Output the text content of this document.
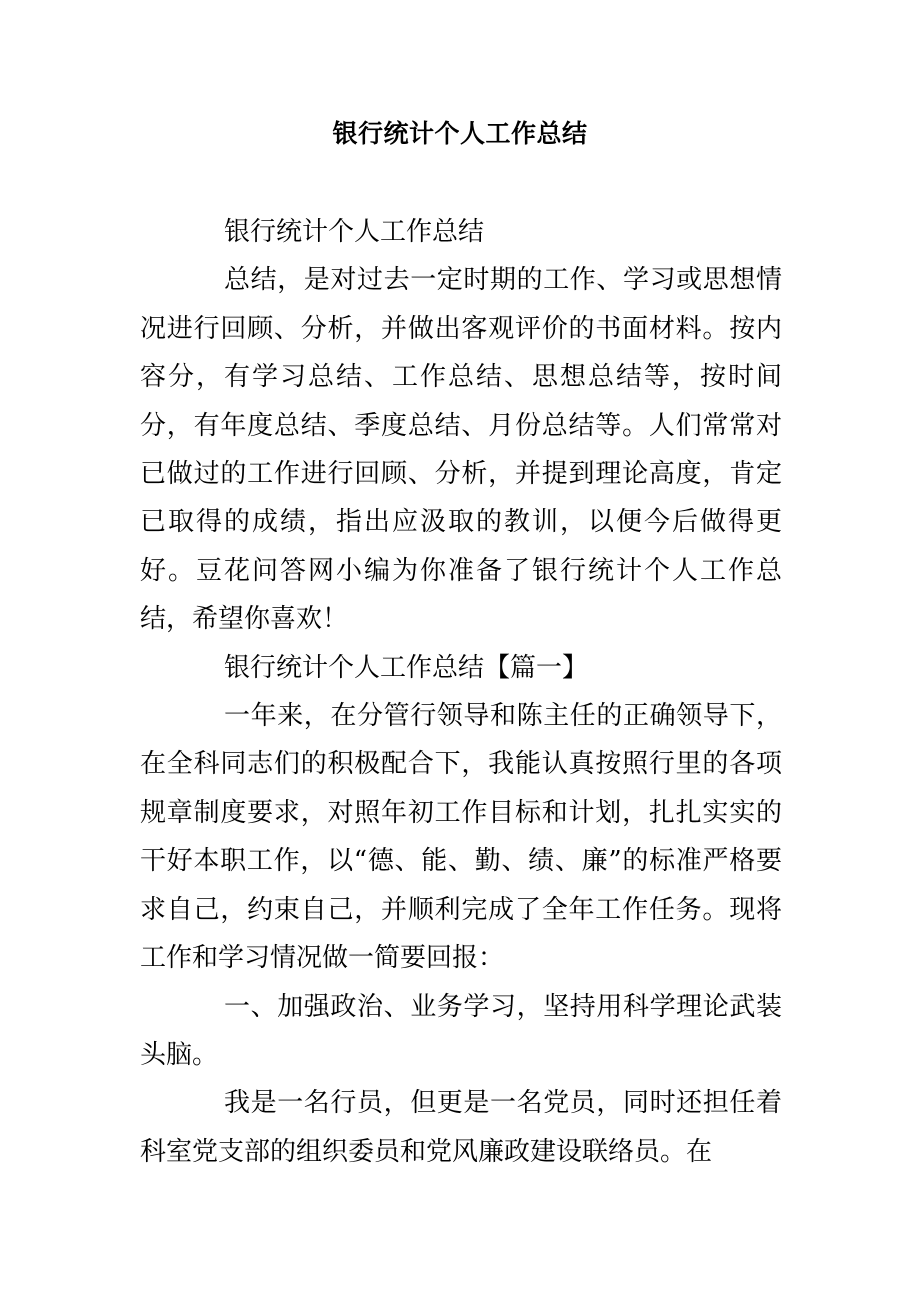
银行统计个人工作总结

银行统计个人工作总结

总结，是对过去一定时期的工作、学习或思想情况进行回顾、分析，并做出客观评价的书面材料。按内容分，有学习总结、工作总结、思想总结等，按时间分，有年度总结、季度总结、月份总结等。人们常常对已做过的工作进行回顾、分析，并提到理论高度，肯定已取得的成绩，指出应汲取的教训，以便今后做得更好。豆花问答网小编为你准备了银行统计个人工作总结，希望你喜欢！

银行统计个人工作总结【篇一】

一年来，在分管行领导和陈主任的正确领导下，在全科同志们的积极配合下，我能认真按照行里的各项规章制度要求，对照年初工作目标和计划，扎扎实实的干好本职工作，以“德、能、勤、绩、廉”的标准严格要求自己，约束自己，并顺利完成了全年工作任务。现将工作和学习情况做一简要回报：

一、加强政治、业务学习，坚持用科学理论武装头脑。

我是一名行员，但更是一名党员，同时还担任着科室党支部的组织委员和党风廉政建设联络员。在
